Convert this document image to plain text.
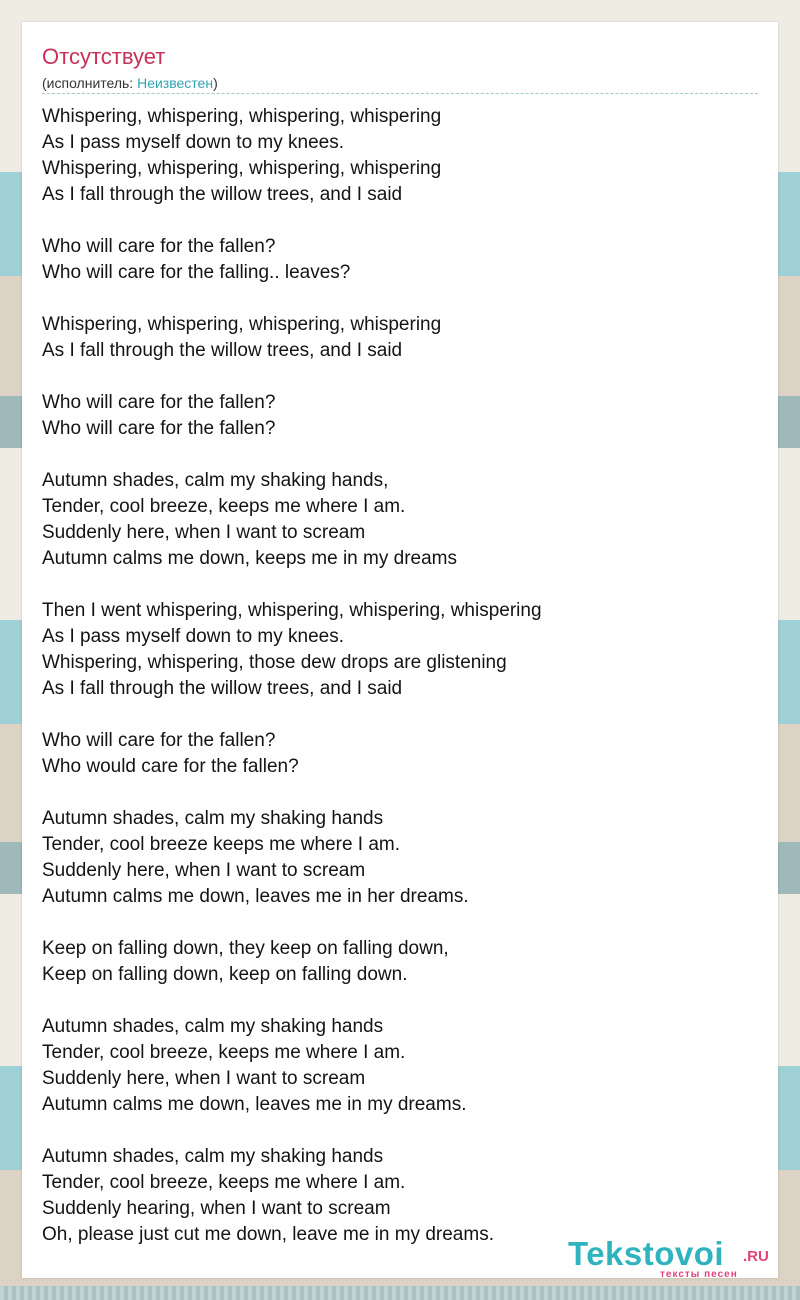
Отсутствует
(исполнитель: Неизвестен)
Whispering, whispering, whispering, whispering
As I pass myself down to my knees.
Whispering, whispering, whispering, whispering
As I fall through the willow trees, and I said
Who will care for the fallen?
Who will care for the falling.. leaves?
Whispering, whispering, whispering, whispering
As I fall through the willow trees, and I said
Who will care for the fallen?
Who will care for the fallen?
Autumn shades, calm my shaking hands,
Tender, cool breeze, keeps me where I am.
Suddenly here, when I want to scream
Autumn calms me down, keeps me in my dreams
Then I went whispering, whispering, whispering, whispering
As I pass myself down to my knees.
Whispering, whispering, those dew drops are glistening
As I fall through the willow trees, and I said
Who will care for the fallen?
Who would care for the fallen?
Autumn shades, calm my shaking hands
Tender, cool breeze keeps me where I am.
Suddenly here, when I want to scream
Autumn calms me down, leaves me in her dreams.
Keep on falling down, they keep on falling down,
Keep on falling down, keep on falling down.
Autumn shades, calm my shaking hands
Tender, cool breeze, keeps me where I am.
Suddenly here, when I want to scream
Autumn calms me down, leaves me in my dreams.
Autumn shades, calm my shaking hands
Tender, cool breeze, keeps me where I am.
Suddenly hearing, when I want to scream
Oh, please just cut me down, leave me in my dreams.
Tekstovoi .RU
тексты песен
